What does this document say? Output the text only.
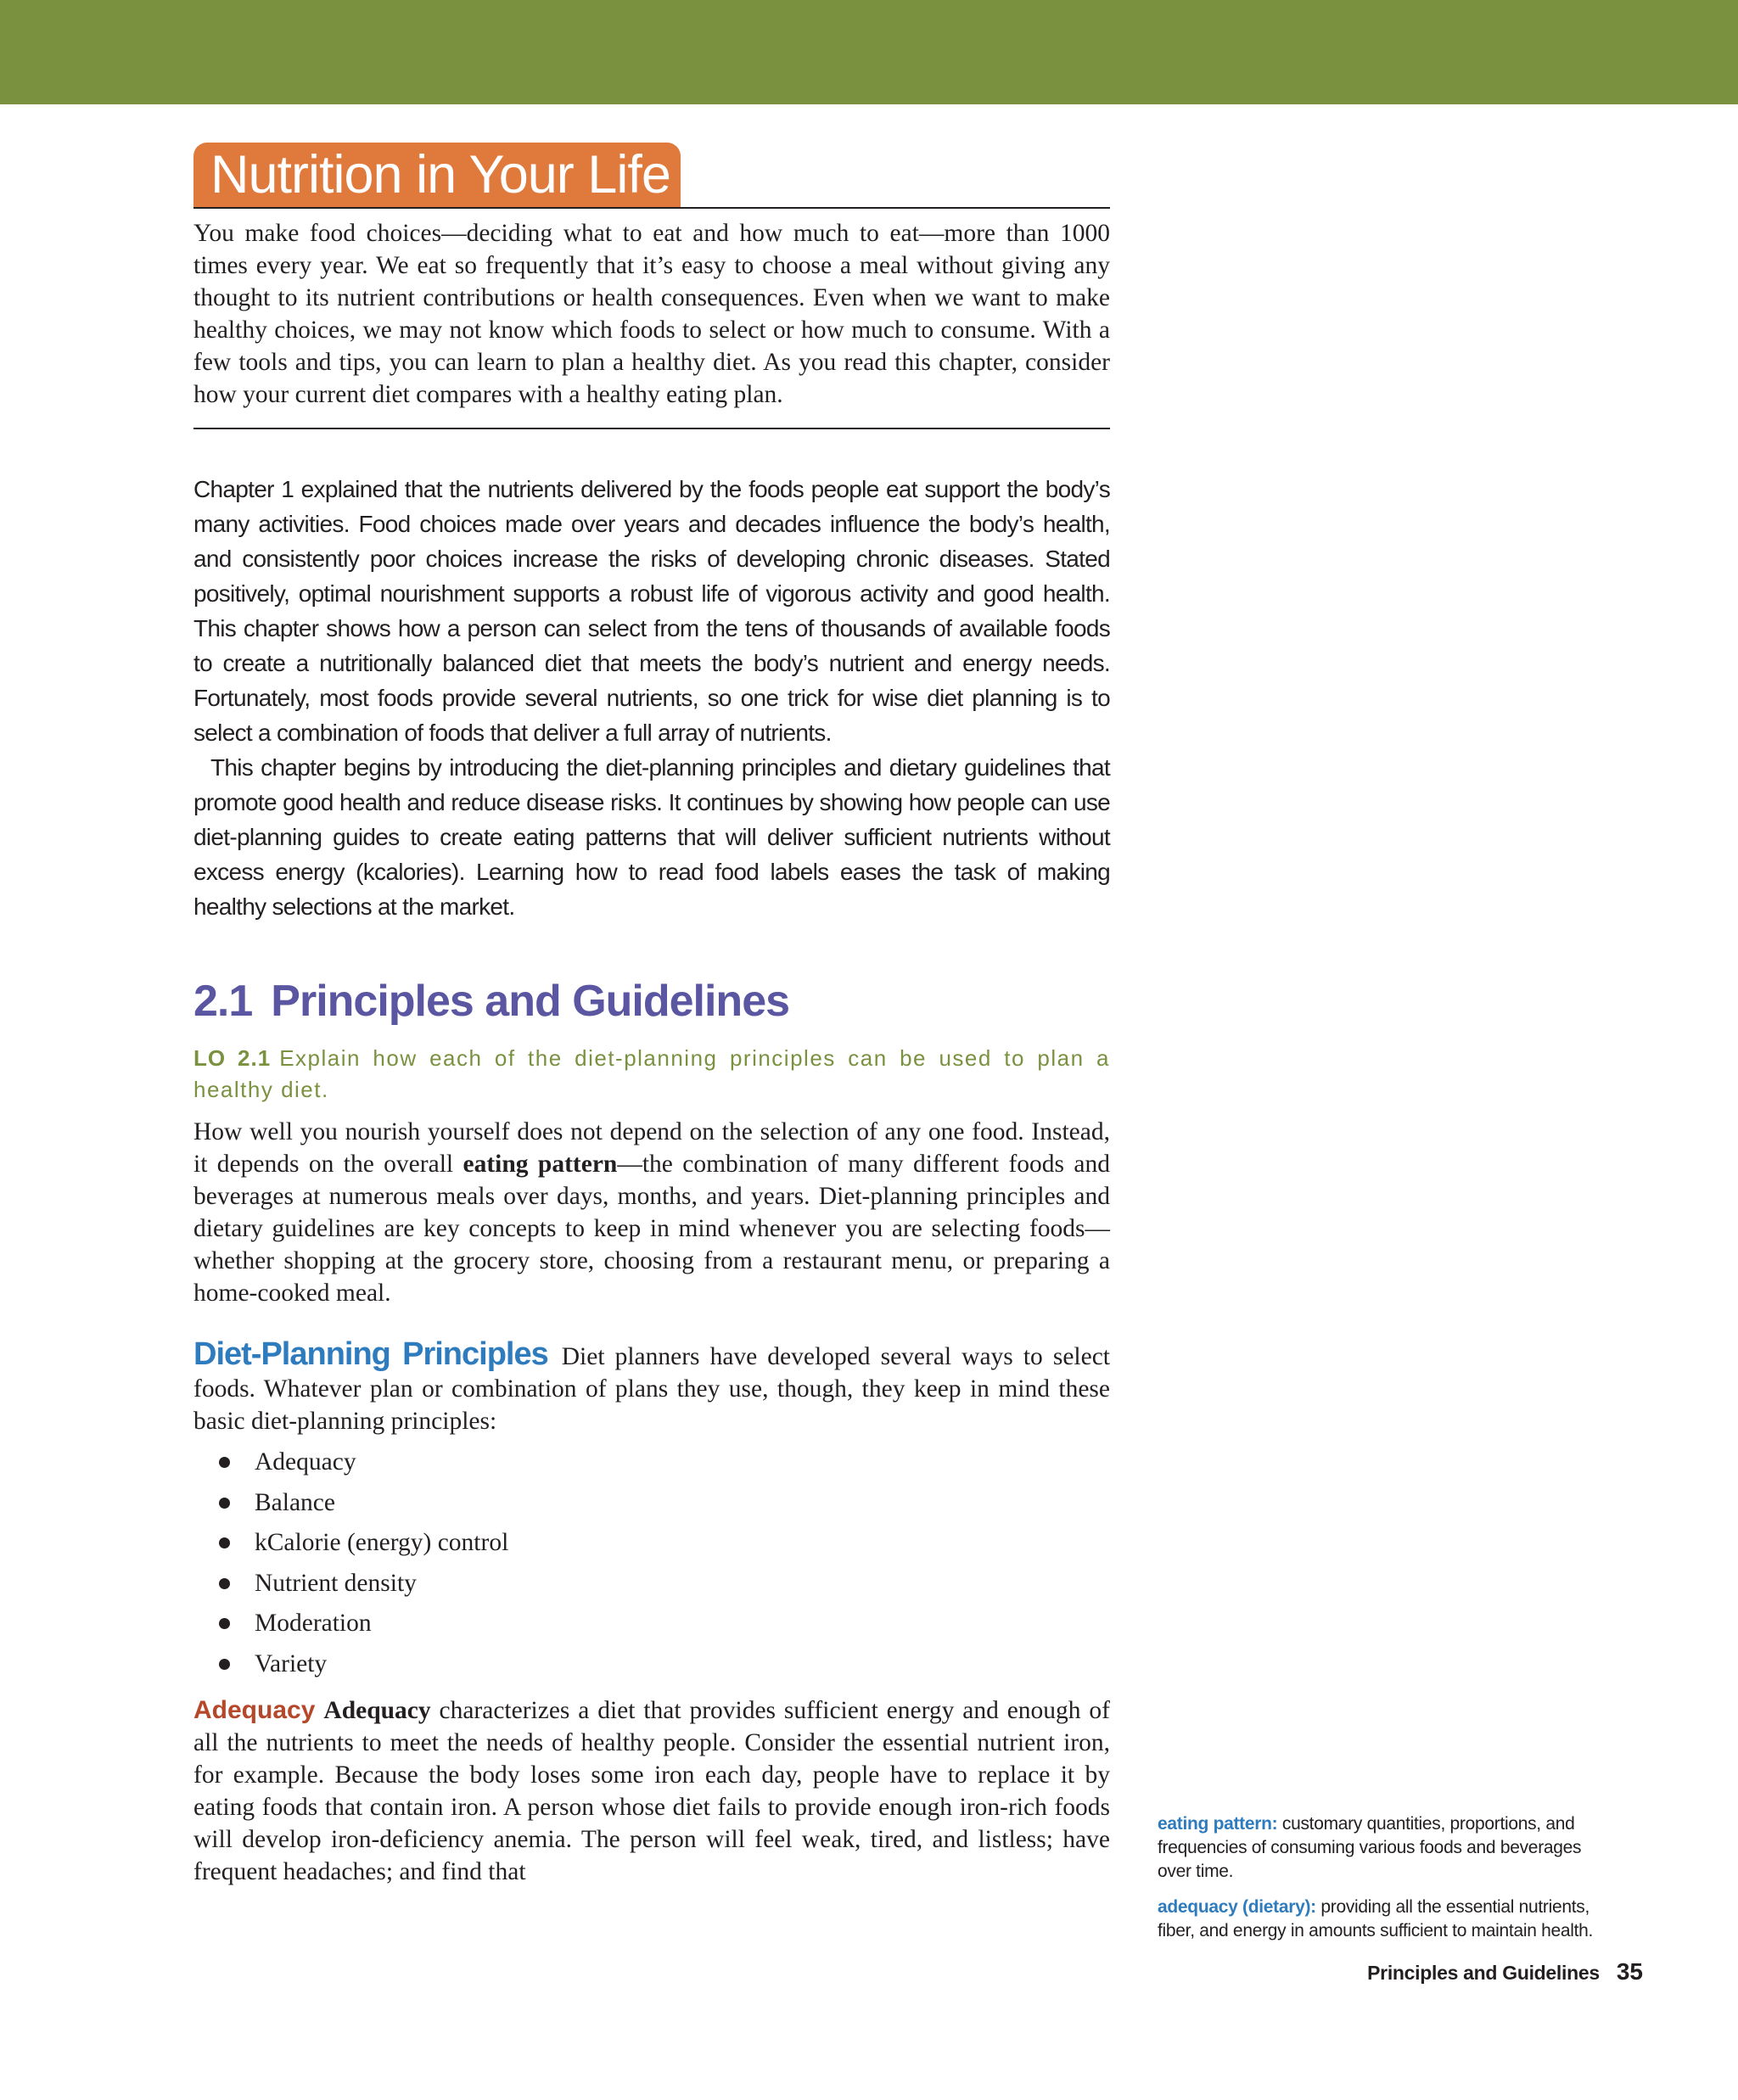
Nutrition in Your Life

You make food choices—deciding what to eat and how much to eat—more than 1000 times every year. We eat so frequently that it’s easy to choose a meal without giving any thought to its nutrient contributions or health consequences. Even when we want to make healthy choices, we may not know which foods to select or how much to consume. With a few tools and tips, you can learn to plan a healthy diet. As you read this chapter, consider how your current diet compares with a healthy eating plan.

Chapter 1 explained that the nutrients delivered by the foods people eat support the body’s many activities. Food choices made over years and decades influence the body’s health, and consistently poor choices increase the risks of developing chronic diseases. Stated positively, optimal nourishment supports a robust life of vigorous activity and good health. This chapter shows how a person can select from the tens of thousands of available foods to create a nutritionally balanced diet that meets the body’s nutrient and energy needs. Fortunately, most foods provide several nutrients, so one trick for wise diet planning is to select a combination of foods that deliver a full array of nutrients.

This chapter begins by introducing the diet-planning principles and dietary guidelines that promote good health and reduce disease risks. It continues by showing how people can use diet-planning guides to create eating patterns that will deliver sufficient nutrients without excess energy (kcalories). Learning how to read food labels eases the task of making healthy selections at the market.

2.1 Principles and Guidelines
LO 2.1 Explain how each of the diet-planning principles can be used to plan a healthy diet.

How well you nourish yourself does not depend on the selection of any one food. Instead, it depends on the overall eating pattern—the combination of many different foods and beverages at numerous meals over days, months, and years. Diet-planning principles and dietary guidelines are key concepts to keep in mind whenever you are selecting foods—whether shopping at the grocery store, choosing from a restaurant menu, or preparing a home-cooked meal.

Diet-Planning Principles Diet planners have developed several ways to select foods. Whatever plan or combination of plans they use, though, they keep in mind these basic diet-planning principles:

Adequacy
Balance
kCalorie (energy) control
Nutrient density
Moderation
Variety

Adequacy Adequacy characterizes a diet that provides sufficient energy and enough of all the nutrients to meet the needs of healthy people. Consider the essential nutrient iron, for example. Because the body loses some iron each day, people have to replace it by eating foods that contain iron. A person whose diet fails to provide enough iron-rich foods will develop iron-deficiency anemia. The person will feel weak, tired, and listless; have frequent headaches; and find that

eating pattern: customary quantities, proportions, and frequencies of consuming various foods and beverages over time.

adequacy (dietary): providing all the essential nutrients, fiber, and energy in amounts sufficient to maintain health.

Principles and Guidelines 35
